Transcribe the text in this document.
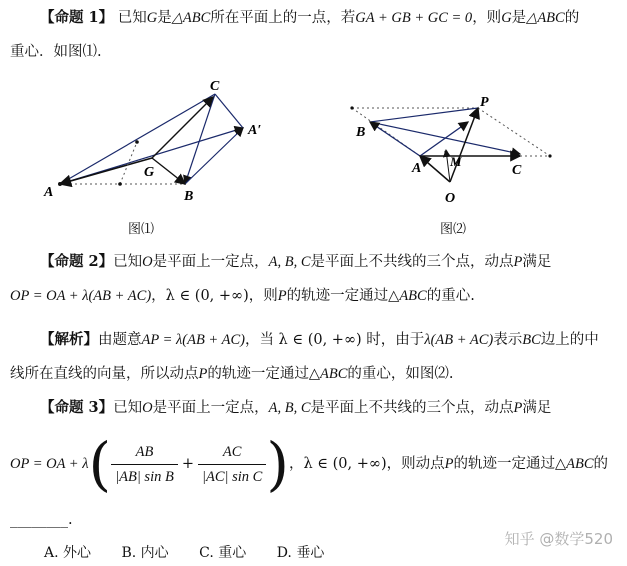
【命题 1】 已知G是△ABC所在平面上的一点，若GA + GB + GC = 0，则G是△ABC的
重心．如图⑴.
A	B
C
A′
G
图⑴
P
B
A M
C
O
图⑵
【命题 2】已知O是平面上一定点，A, B, C是平面上不共线的三个点，动点P满足
OP = OA + λ(AB + AC)，λ ∈ (0, +∞)，则P的轨迹一定通过△ABC的重心.
【解析】由题意AP = λ(AB + AC)，当 λ ∈ (0, +∞) 时，由于λ(AB + AC)表示BC边上的中
线所在直线的向量，所以动点P的轨迹一定通过△ABC的重心，如图⑵.
【命题 3】已知O是平面上一定点，A, B, C是平面上不共线的三个点，动点P满足
OP = OA + λ ( $\frac{AB}{\text{|AB| sin B}} + \frac{AC}{\text{|AC| sin C}}$ ) ，λ ∈ (0, +∞)，则动点 P 的轨迹一定通过△ ABC 的
________.
A. 外心 B. 内心 C. 重心 D. 垂心
知乎 @数学520
